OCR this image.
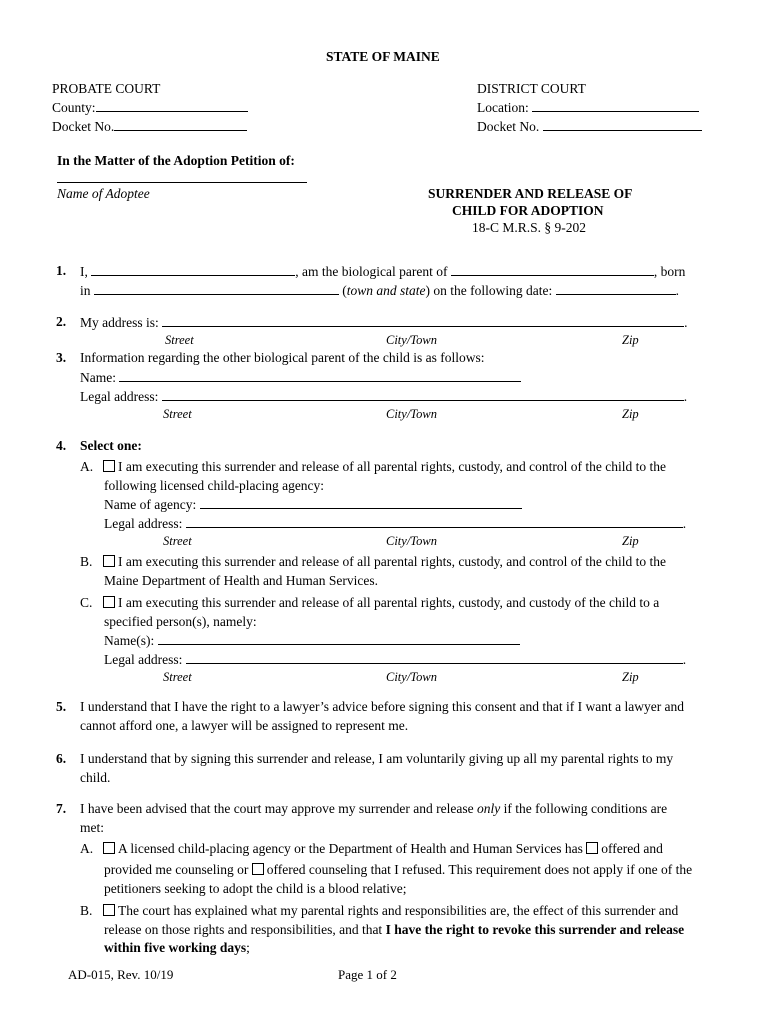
STATE OF MAINE
PROBATE COURT
County:
Docket No.
DISTRICT COURT
Location:
Docket No.
In the Matter of the Adoption Petition of:
Name of Adoptee	SURRENDER AND RELEASE OF
CHILD FOR ADOPTION
18-C M.R.S. § 9-202
1. I,	, am the biological parent of	, born
in	(town and state) on the following date:	.
2. My address is:	.
Street	City/Town	Zip
3. Information regarding the other biological parent of the child is as follows:
Name:
Legal address:	.
Street	City/Town	Zip
4. Select one:
A.	I am executing this surrender and release of all parental rights, custody, and control of the child to the
following licensed child-placing agency:
Name of agency:
Legal address:	.
Street	City/Town	Zip
B.	I am executing this surrender and release of all parental rights, custody, and control of the child to the
Maine Department of Health and Human Services.
C.	I am executing this surrender and release of all parental rights, custody, and custody of the child to a
specified person(s), namely:
Name(s):
Legal address:	.
Street	City/Town	Zip
5. I understand that I have the right to a lawyer’s advice before signing this consent and that if I want a lawyer and
cannot afford one, a lawyer will be assigned to represent me.
6. I understand that by signing this surrender and release, I am voluntarily giving up all my parental rights to my
child.
7. I have been advised that the court may approve my surrender and release only if the following conditions are
met:
A.	A licensed child-placing agency or the Department of Health and Human Services has offered and
provided me counseling or offered counseling that I refused. This requirement does not apply if one of the
petitioners seeking to adopt the child is a blood relative;
B.	The court has explained what my parental rights and responsibilities are, the effect of this surrender and
release on those rights and responsibilities, and that I have the right to revoke this surrender and release
within five working days;
AD-015, Rev. 10/19	Page 1 of 2
